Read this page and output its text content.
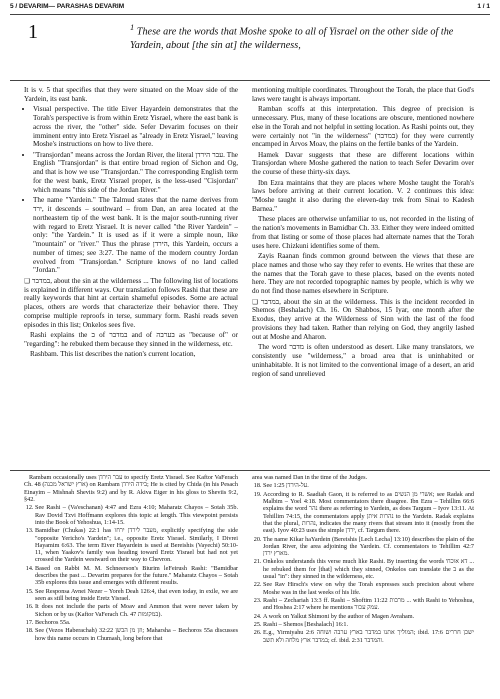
5 / DEVARIM— PARASHAS DEVARIM	1 / 1
1	$^1$ These are the words that Moshe spoke to all of Yisrael on the other side of the Yardein, about [the sin at] the wilderness,

It is v. 5 that specifies that they were situated on the Moav side of the Yardein, its east bank.

• Visual perspective. The title Eiver Hayardein demonstrates that the Torah's perspective is from within Eretz Yisrael, where the east bank is across the river, the "other" side. Sefer Devarim focuses on their imminent entry into Eretz Yisrael as "already in Eretz Yisrael," leaving Moshe's instructions on how to live there.
• "Transjordan" means across the Jordan River, the literal עבר הירדן. The English "Transjordan" is that entire broad region of Sichon and Og, and that is how we use "Transjordan." The corresponding English term for the west bank, Eretz Yisrael proper, is the less-used "Cisjordan" which means "this side of the Jordan River."
• The name "Yardein." The Talmud states that the name derives from ירד, it descends – southward – from Dan, an area located at the northeastern tip of the west bank. It is the major south-running river with regard to Eretz Yisrael. It is never called "the River Yardein" – only: "the Yardein." It is used as if it were a simple noun, like "mountain" or "river." Thus the phrase הירדן, this Yardein, occurs a number of times; see 3:27. The name of the modern country Jordan evolved from "Transjordan." Scripture knows of no land called "Jordan."

❑ במדבר, about the sin at the wilderness ... The following list of locations is explained in different ways. Our translation follows Rashi that these are really keywords that hint at certain shameful episodes. Some are actual places, others are words that characterize their behavior there. They comprise multiple reproofs in terse, summary form. Rashi reads seven episodes in this list; Onkelos sees five.

Rashi explains the ב of במדבר and of בערבה as "because of" or "regarding": he rebuked them because they sinned in the wilderness, etc.

Rashbam. This list describes the nation's current location,

mentioning multiple coordinates. Throughout the Torah, the place that God's laws were taught is always important.

Ramban scoffs at this interpretation. This degree of precision is unnecessary. Plus, many of these locations are obscure, mentioned nowhere else in the Torah and not helpful in setting location. As Rashi points out, they were certainly not "in the wilderness" (במדבר) for they were currently encamped in Arvos Moav, the plains on the fertile banks of the Yardein.

Hamek Davar suggests that these are different locations within Transjordan where Moshe gathered the nation to teach Sefer Devarim over the course of these thirty-six days.

Ibn Ezra maintains that they are places where Moshe taught the Torah's laws before arriving at their current location. V. 2 continues this idea: "Moshe taught it also during the eleven-day trek from Sinai to Kadesh Barnea."

These places are otherwise unfamiliar to us, not recorded in the listing of the nation's movements in Bamidbar Ch. 33. Either they were indeed omitted from that listing or some of those places had alternate names that the Torah uses here. Chizkuni identifies some of them.

Zayis Raanan finds common ground between the views that these are place names and those who say they refer to events. He writes that these are the names that the Torah gave to these places, based on the events noted here. They are not recorded topographic names by people, which is why we do not find those names elsewhere in Scripture.

❑ במדבר, about the sin at the wilderness. This is the incident recorded in Shemos (Beshalach) Ch. 16. On Shabbos, 15 Iyar, one month after the Exodus, they arrive at the Wilderness of Sinn with the last of the food provisions they had taken. Rather than relying on God, they angrily lashed out at Moshe and Aharon.

The word מדבר is often understood as desert. Like many translators, we consistently use "wilderness," a broad area that is uninhabited or uninhabitable. It is not limited to the conventional image of a desert, an arid region of sand unrelieved

Rambam occasionally uses עבר הירדן to specify Eretz Yisrael. See Kaftor VaFerach Ch. 48 (ארץ ישראל מכנה) on Rambam בידה הירדן; He is cited by Chida (in his Pesach Einayim – Mishnah Sheviis 9:2) and by R. Akiva Eiger in his gloss to Sheviis 9:2, §42.

12. See Rashi – (Va'eschanan) 4:47 and Ezra 4:10; Maharatz Chayos – Sotah 35b. Rav Dovid Tzvi Hoffmann explores this topic at length. This viewpoint persists into the Book of Yehoshua, 1:14-15.
13. Bamidbar (Chukas) 22:1 has מעבר לירדן ירחו, explicitly specifying the side "opposite Yericho's Yardein"; i.e., opposite Eretz Yisrael. Similarly, I Divrei Hayamim 6:63. The term Eiver Hayardein is used at Bereishis (Vayechi) 50:10-11, when Yaakov's family was heading toward Eretz Yisrael but had not yet crossed the Yardein westward on their way to Chevron.
14. Based on Rabbi M. M. Schneerson's Biurim leFeirush Rashi: "Bamidbar describes the past ... Devarim prepares for the future." Maharatz Chayos – Sotah 35b explores this issue and emerges with different results.
15. See Responsa Avnei Nezer – Yoreh Deah 126:4, that even today, in exile, we are seen as still being inside Eretz Yisrael.
16. It does not include the parts of Moav and Ammon that were never taken by Sichon or by us (Kaftor VaFerach Ch. 47 במקומות).
17. Bechoros 55a.
18. See (Vezos Haberachah) 32:22 וזן מן הבשן; Maharsha – Bechoros 55a discusses how this name occurs in Chumash, long before that

area was named Dan in the time of the Judges.

18. See 1:25 על-הירדן.
19. According to R. Saadiah Gaon, it is referred to as אשרי מן הנשים; see Radak and Malbim – Yoel 4:18. Most commentators there disagree. Ibn Ezra – Tehillim 66:6 explains the word נהר there as referring to Yardein, as does Targum – Iyov 13:11. At Tehillim 74:15, the commentators apply נהרות איתן to the Yardein. Radak explains that the plural, נהרות, indicates the many rivers that stream into it (mostly from the east). Iyov 40:23 uses the simple ירדן, cf. Targum there.
20. The name Kikar haYardein (Bereishis [Lech Lecha] 13:10) describes the plain of the Jordan River, the area adjoining the Yardein. Cf. commentators to Tehillim 42:7 מארץ ירדן.
21. Onkelos understands this verse much like Rashi. By inserting the words 'דא אוכח ... he rebuked them for [that] which they sinned, Onkelos can translate the ב as the usual "in": they sinned in the wilderness, etc.
22. See Rav Hirsch's view on why the Torah expresses such precision about where Moshe was in the last weeks of his life.
23. Rashi – Zechariah 13:3 ff. Rashi – Shoftim 11:22 מרבות ... with Rashi to Yehoshua, and Hoshea 2:17 where he mentions עמק עכור.
24. A work on Yalkut Shimoni by the author of Magen Avraham.
25. Rashi – Shemos [Beshalach] 16:1.
26. E.g., Yirmiyahu 2:6 המוליך אתנו במדבר בארץ ערבה ושוחה; ibid. 17:6 ישכן חררים במדבר ארץ מלחה ולא תשב; cf. ibid. 2:31 והמדבר.
